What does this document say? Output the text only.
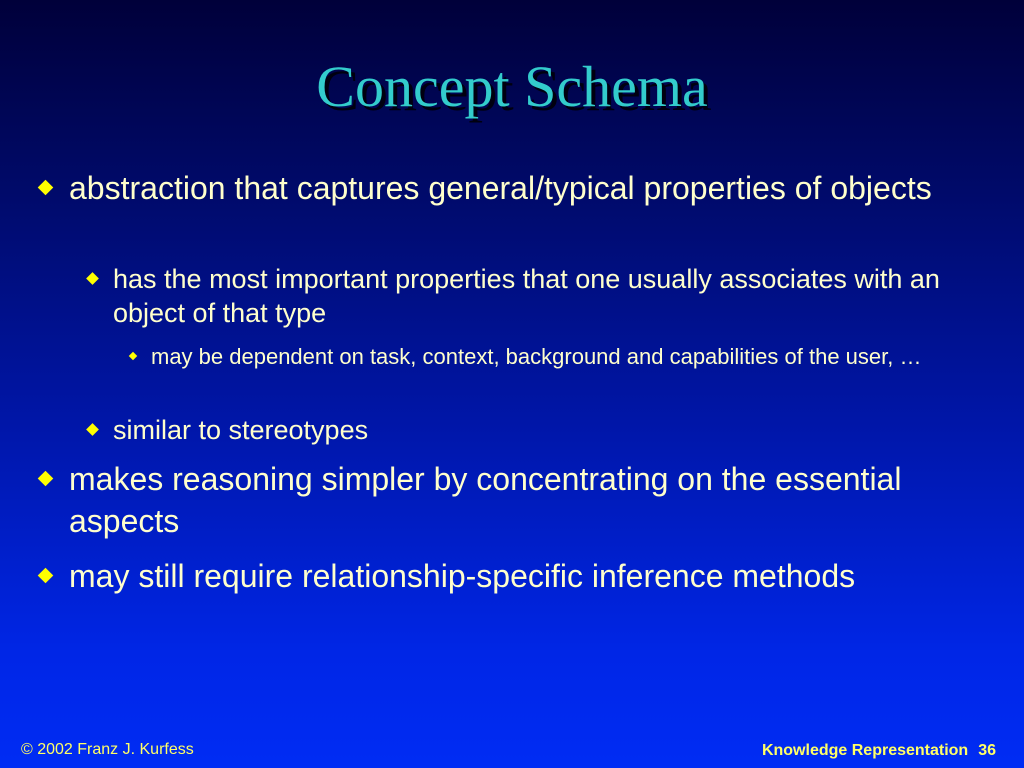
Concept Schema
abstraction that captures general/typical properties of objects
has the most important properties that one usually associates with an object of that type
may be dependent on task, context, background and capabilities of the user, …
similar to stereotypes
makes reasoning simpler by concentrating on the essential aspects
may still require relationship-specific inference methods
© 2002 Franz J. Kurfess	Knowledge Representation 36
